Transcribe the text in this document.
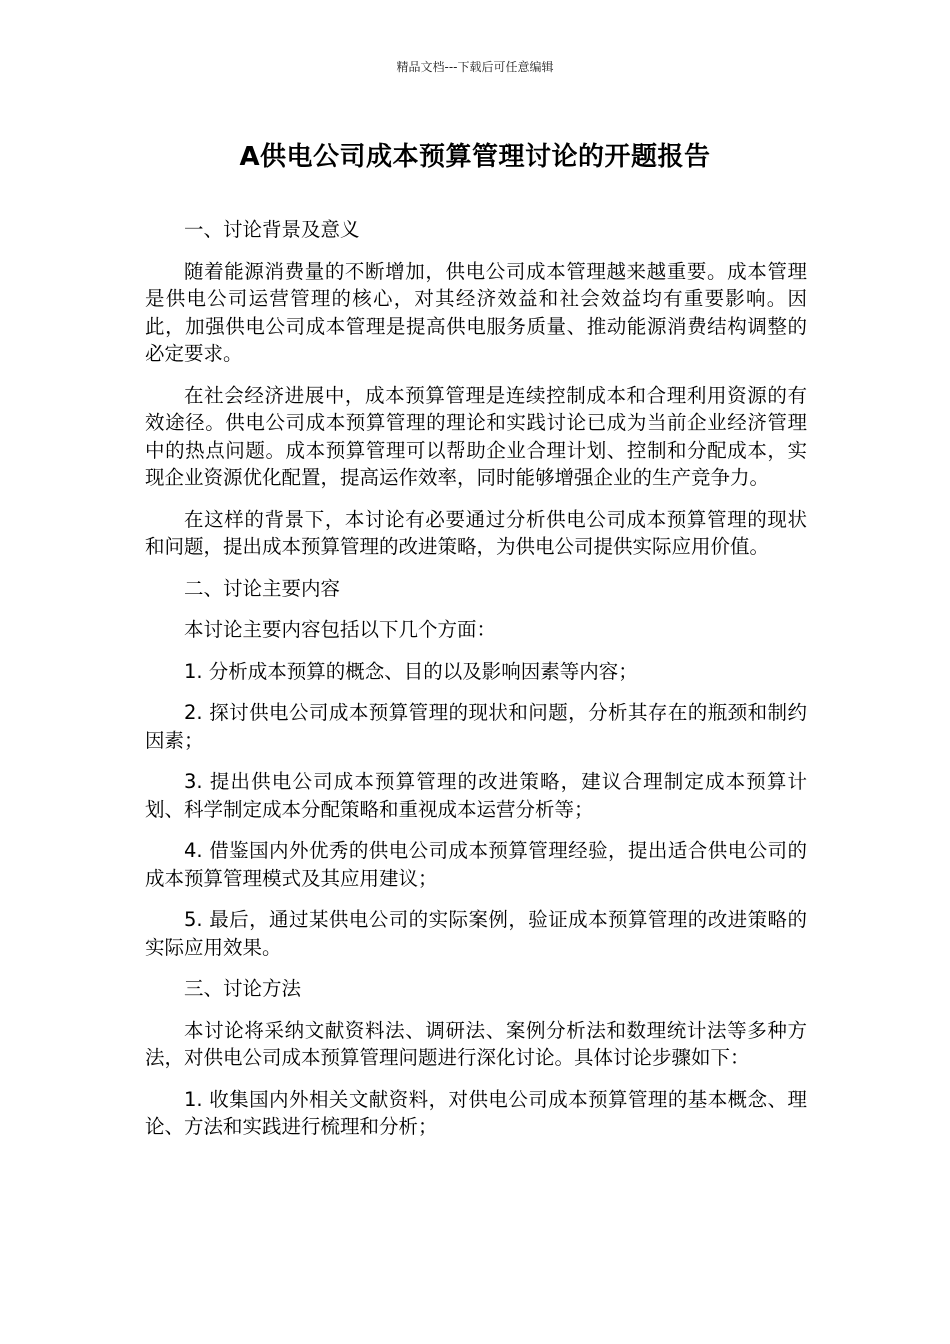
精品文档---下载后可任意编辑
A供电公司成本预算管理讨论的开题报告
一、讨论背景及意义

随着能源消费量的不断增加，供电公司成本管理越来越重要。成本管理是供电公司运营管理的核心，对其经济效益和社会效益均有重要影响。因此，加强供电公司成本管理是提高供电服务质量、推动能源消费结构调整的必定要求。

在社会经济进展中，成本预算管理是连续控制成本和合理利用资源的有效途径。供电公司成本预算管理的理论和实践讨论已成为当前企业经济管理中的热点问题。成本预算管理可以帮助企业合理计划、控制和分配成本，实现企业资源优化配置，提高运作效率，同时能够增强企业的生产竞争力。

在这样的背景下，本讨论有必要通过分析供电公司成本预算管理的现状和问题，提出成本预算管理的改进策略，为供电公司提供实际应用价值。

二、讨论主要内容

本讨论主要内容包括以下几个方面：

1. 分析成本预算的概念、目的以及影响因素等内容；

2. 探讨供电公司成本预算管理的现状和问题，分析其存在的瓶颈和制约因素；

3. 提出供电公司成本预算管理的改进策略，建议合理制定成本预算计划、科学制定成本分配策略和重视成本运营分析等；

4. 借鉴国内外优秀的供电公司成本预算管理经验，提出适合供电公司的成本预算管理模式及其应用建议；

5. 最后，通过某供电公司的实际案例，验证成本预算管理的改进策略的实际应用效果。

三、讨论方法

本讨论将采纳文献资料法、调研法、案例分析法和数理统计法等多种方法，对供电公司成本预算管理问题进行深化讨论。具体讨论步骤如下：

1. 收集国内外相关文献资料，对供电公司成本预算管理的基本概念、理论、方法和实践进行梳理和分析；
